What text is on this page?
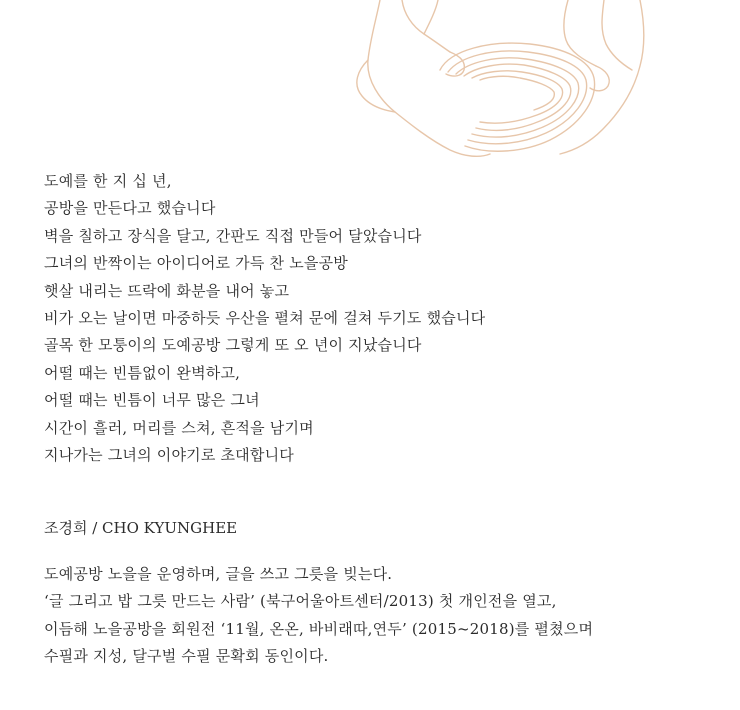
도예를 한 지 십 년,
공방을 만든다고 했습니다
벽을 칠하고 장식을 달고, 간판도 직접 만들어 달았습니다
그녀의 반짝이는 아이디어로 가득 찬 노을공방
햇살 내리는 뜨락에 화분을 내어 놓고
비가 오는 날이면 마중하듯 우산을 펼쳐 문에 걸쳐 두기도 했습니다
골목 한 모퉁이의 도예공방 그렇게 또 오 년이 지났습니다
어떨 때는 빈틈없이 완벽하고,
어떨 때는 빈틈이 너무 많은 그녀
시간이 흘러, 머리를 스쳐, 흔적을 남기며
지나가는 그녀의 이야기로 초대합니다
조경희 / CHO KYUNGHEE
도예공방 노을을 운영하며, 글을 쓰고 그릇을 빚는다.
‘글 그리고 밥 그릇 만드는 사람’ (북구어울아트센터/2013) 첫 개인전을 열고,
이듬해 노을공방을 회원전 ‘11월, 온온, 바비래따,연두’ (2015~2018)를 펼쳤으며
수필과 지성, 달구벌 수필 문확회 동인이다.
